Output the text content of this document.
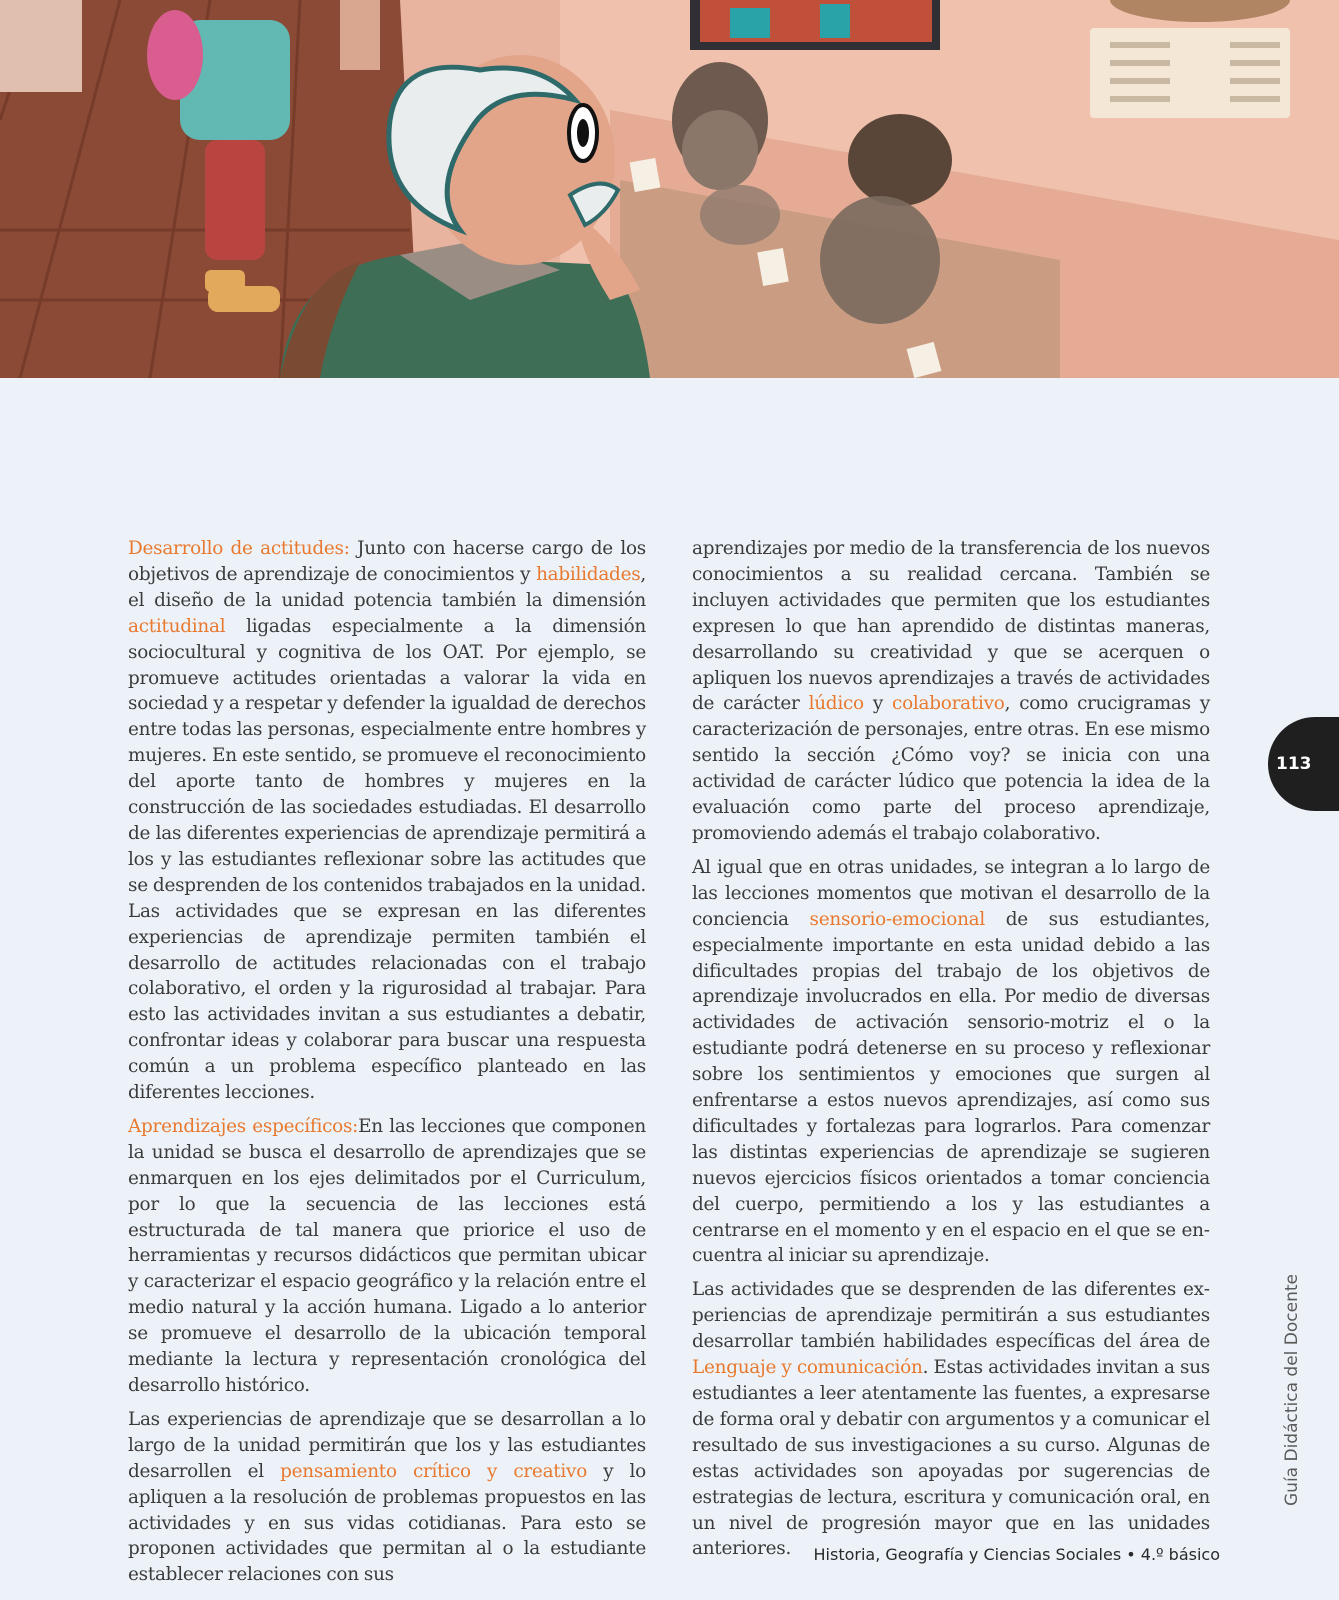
Desarrollo de actitudes: Junto con hacerse cargo de los objetivos de aprendizaje de conocimientos y habilidades, el diseño de la unidad potencia también la dimensión actitudinal ligadas especialmente a la dimensión sociocultural y cognitiva de los OAT. Por ejemplo, se promueve actitudes orientadas a valorar la vida en sociedad y a respetar y defender la igualdad de derechos entre todas las personas, especialmente entre hombres y mujeres. En este sentido, se promueve el reconocimiento del aporte tanto de hombres y mujeres en la construcción de las sociedades estudiadas. El desarrollo de las diferentes experiencias de aprendizaje permitirá a los y las estudiantes reflexionar sobre las actitudes que se desprenden de los contenidos trabajados en la unidad. Las actividades que se expresan en las diferentes experiencias de aprendizaje permiten también el desarrollo de actitudes relacionadas con el trabajo colaborativo, el orden y la rigurosidad al trabajar. Para esto las actividades invitan a sus estudiantes a debatir, confrontar ideas y colaborar para buscar una respuesta común a un problema específico planteado en las diferentes lecciones.

Aprendizajes específicos:En las lecciones que componen la unidad se busca el desarrollo de aprendizajes que se enmarquen en los ejes delimitados por el Curriculum, por lo que la secuencia de las lecciones está estructurada de tal manera que priorice el uso de herramientas y recursos didácticos que permitan ubicar y caracterizar el espacio geográfico y la relación entre el medio natural y la acción humana. Ligado a lo anterior se promueve el desarrollo de la ubicación temporal mediante la lectura y representación cronológica del desarrollo histórico.

Las experiencias de aprendizaje que se desarrollan a lo largo de la unidad permitirán que los y las estudiantes desarrollen el pensamiento crítico y creativo y lo apliquen a la resolución de problemas propuestos en las actividades y en sus vidas cotidianas. Para esto se proponen actividades que permitan al o la estudiante establecer relaciones con sus

aprendizajes por medio de la transferencia de los nuevos conocimientos a su realidad cercana. También se incluyen actividades que permiten que los estudiantes expresen lo que han aprendido de distintas maneras, desarrollando su creatividad y que se acerquen o apliquen los nuevos aprendizajes a través de actividades de carácter lúdico y colaborativo, como crucigramas y caracterización de personajes, entre otras. En ese mismo sentido la sección ¿Cómo voy? se inicia con una actividad de carácter lúdico que potencia la idea de la evaluación como parte del proceso aprendizaje, promoviendo además el trabajo colaborativo.

Al igual que en otras unidades, se integran a lo largo de las lecciones momentos que motivan el desarrollo de la conciencia sensorio-emocional de sus estudiantes, especialmente importante en esta unidad debido a las dificultades propias del trabajo de los objetivos de aprendizaje involucrados en ella. Por medio de diversas actividades de activación sensorio-motriz el o la estudiante podrá detenerse en su proceso y reflexionar sobre los sentimientos y emociones que surgen al enfrentarse a estos nuevos aprendizajes, así como sus dificultades y fortalezas para lograrlos. Para comenzar las distintas experiencias de aprendizaje se sugieren nuevos ejercicios físicos orientados a tomar conciencia del cuerpo, permitiendo a los y las estudiantes a centrarse en el momento y en el espacio en el que se encuentra al iniciar su aprendizaje.

Las actividades que se desprenden de las diferentes experiencias de aprendizaje permitirán a sus estudiantes desarrollar también habilidades específicas del área de Lenguaje y comunicación. Estas actividades invitan a sus estudiantes a leer atentamente las fuentes, a expresarse de forma oral y debatir con argumentos y a comunicar el resultado de sus investigaciones a su curso. Algunas de estas actividades son apoyadas por sugerencias de estrategias de lectura, escritura y comunicación oral, en un nivel de progresión mayor que en las unidades anteriores.

113
Guía Didáctica del Docente
Historia, Geografía y Ciencias Sociales • 4.º básico
